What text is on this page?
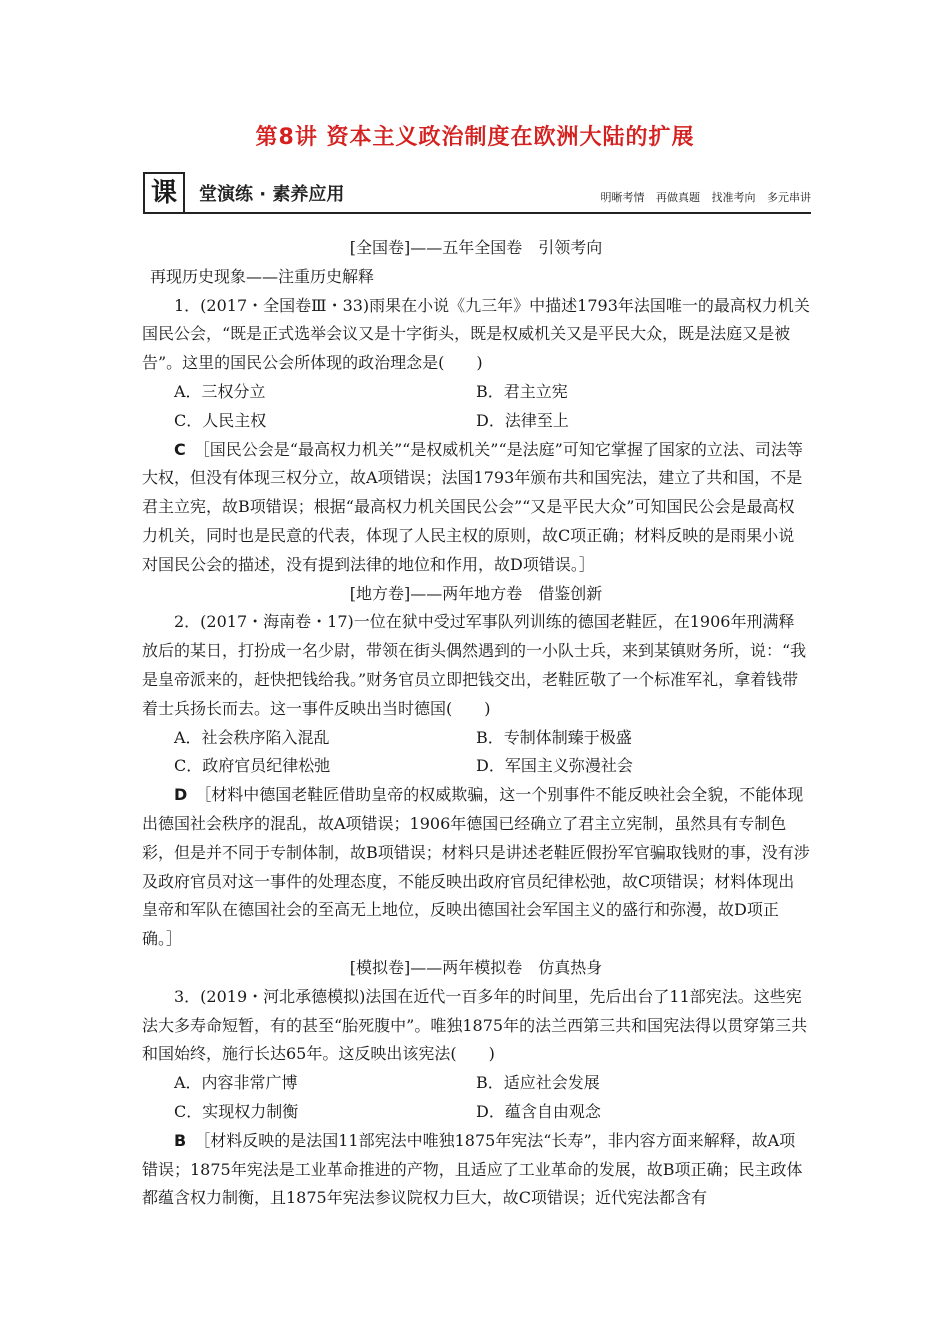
第8讲 资本主义政治制度在欧洲大陆的扩展
课	堂演练 · 素养应用	明晰考情 再做真题 找准考向 多元串讲

[全国卷]——五年全国卷　引领考向

再现历史现象——注重历史解释

1．(2017・全国卷Ⅲ・33)雨果在小说《九三年》中描述1793年法国唯一的最高权力机关国民公会，“既是正式选举会议又是十字街头，既是权威机关又是平民大众，既是法庭又是被告”。这里的国民公会所体现的政治理念是(　　)

A．三权分立	B．君主立宪
C．人民主权	D．法律至上

C　 ［国民公会是“最高权力机关”“是权威机关”“是法庭”可知它掌握了国家的立法、司法等大权，但没有体现三权分立，故A项错误；法国1793年颁布共和国宪法，建立了共和国，不是君主立宪，故B项错误；根据“最高权力机关国民公会”“又是平民大众”可知国民公会是最高权力机关，同时也是民意的代表，体现了人民主权的原则，故C项正确；材料反映的是雨果小说对国民公会的描述，没有提到法律的地位和作用，故D项错误。］

[地方卷]——两年地方卷　借鉴创新

2．(2017・海南卷・17)一位在狱中受过军事队列训练的德国老鞋匠，在1906年刑满释放后的某日，打扮成一名少尉，带领在街头偶然遇到的一小队士兵，来到某镇财务所，说：“我是皇帝派来的，赶快把钱给我。”财务官员立即把钱交出，老鞋匠敬了一个标准军礼，拿着钱带着士兵扬长而去。这一事件反映出当时德国(　　)

A．社会秩序陷入混乱	B．专制体制臻于极盛
C．政府官员纪律松弛	D．军国主义弥漫社会

D　 ［材料中德国老鞋匠借助皇帝的权威欺骗，这一个别事件不能反映社会全貌，不能体现出德国社会秩序的混乱，故A项错误；1906年德国已经确立了君主立宪制，虽然具有专制色彩，但是并不同于专制体制，故B项错误；材料只是讲述老鞋匠假扮军官骗取钱财的事，没有涉及政府官员对这一事件的处理态度，不能反映出政府官员纪律松弛，故C项错误；材料体现出皇帝和军队在德国社会的至高无上地位，反映出德国社会军国主义的盛行和弥漫，故D项正确。］

[模拟卷]——两年模拟卷　仿真热身

3．(2019・河北承德模拟)法国在近代一百多年的时间里，先后出台了11部宪法。这些宪法大多寿命短暂，有的甚至“胎死腹中”。唯独1875年的法兰西第三共和国宪法得以贯穿第三共和国始终，施行长达65年。这反映出该宪法(　　)

A．内容非常广博	B．适应社会发展
C．实现权力制衡	D．蕴含自由观念

B　 ［材料反映的是法国11部宪法中唯独1875年宪法“长寿”，非内容方面来解释，故A项错误；1875年宪法是工业革命推进的产物，且适应了工业革命的发展，故B项正确；民主政体都蕴含权力制衡，且1875年宪法参议院权力巨大，故C项错误；近代宪法都含有
